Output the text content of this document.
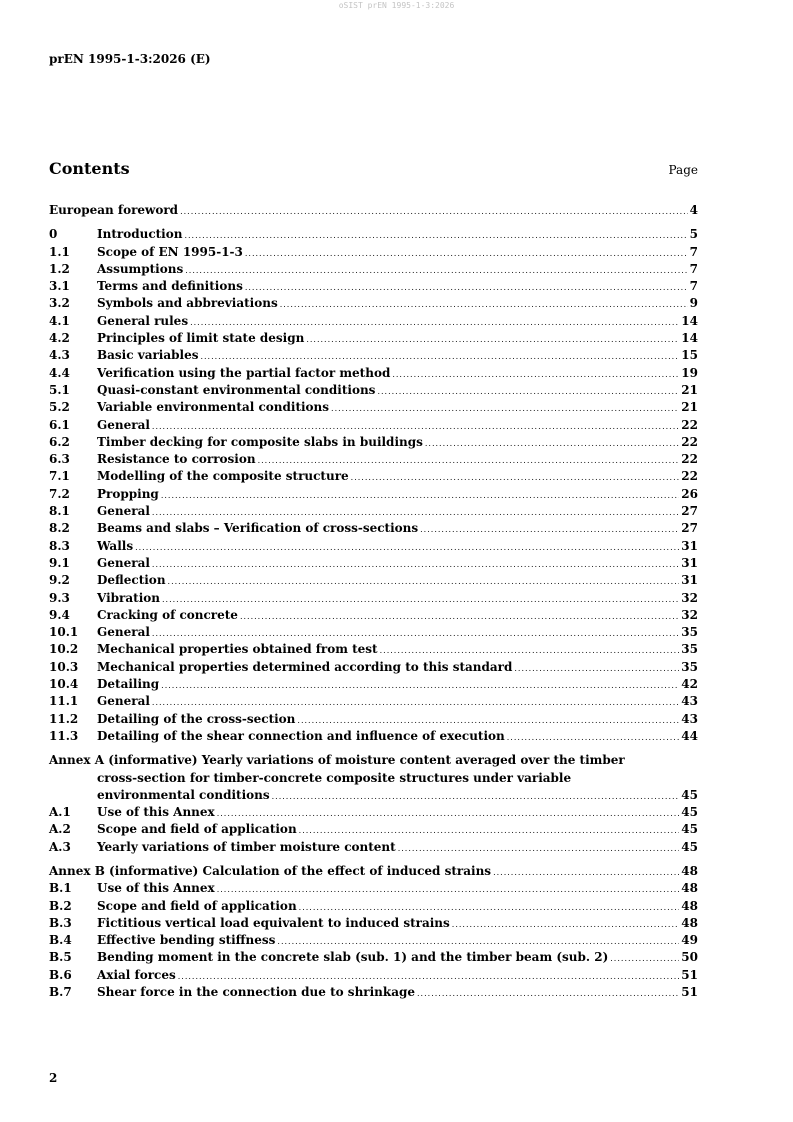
oSIST prEN 1995-1-3:2026
prEN 1995-1-3:2026 (E)
Contents	Page
European foreword .....	4
0	Introduction .....	5
1.1	Scope of EN 1995-1-3 .....	7
1.2	Assumptions .....	7
3.1	Terms and definitions .....	7
3.2	Symbols and abbreviations .....	9
4.1	General rules .....	14
4.2	Principles of limit state design .....	14
4.3	Basic variables .....	15
4.4	Verification using the partial factor method .....	19
5.1	Quasi-constant environmental conditions .....	21
5.2	Variable environmental conditions .....	21
6.1	General .....	22
6.2	Timber decking for composite slabs in buildings .....	22
6.3	Resistance to corrosion .....	22
7.1	Modelling of the composite structure .....	22
7.2	Propping .....	26
8.1	General .....	27
8.2	Beams and slabs – Verification of cross-sections .....	27
8.3	Walls .....	31
9.1	General .....	31
9.2	Deflection .....	31
9.3	Vibration .....	32
9.4	Cracking of concrete .....	32
10.1	General .....	35
10.2	Mechanical properties obtained from test .....	35
10.3	Mechanical properties determined according to this standard .....	35
10.4	Detailing .....	42
11.1	General .....	43
11.2	Detailing of the cross-section .....	43
11.3	Detailing of the shear connection and influence of execution .....	44
Annex A (informative) Yearly variations of moisture content averaged over the timber
cross-section for timber-concrete composite structures under variable
environmental conditions .....	45
A.1	Use of this Annex .....	45
A.2	Scope and field of application .....	45
A.3	Yearly variations of timber moisture content .....	45
Annex B (informative) Calculation of the effect of induced strains .....	48
B.1	Use of this Annex .....	48
B.2	Scope and field of application .....	48
B.3	Fictitious vertical load equivalent to induced strains .....	48
B.4	Effective bending stiffness .....	49
B.5	Bending moment in the concrete slab (sub. 1) and the timber beam (sub. 2) .....	50
B.6	Axial forces .....	51
B.7	Shear force in the connection due to shrinkage .....	51
2
